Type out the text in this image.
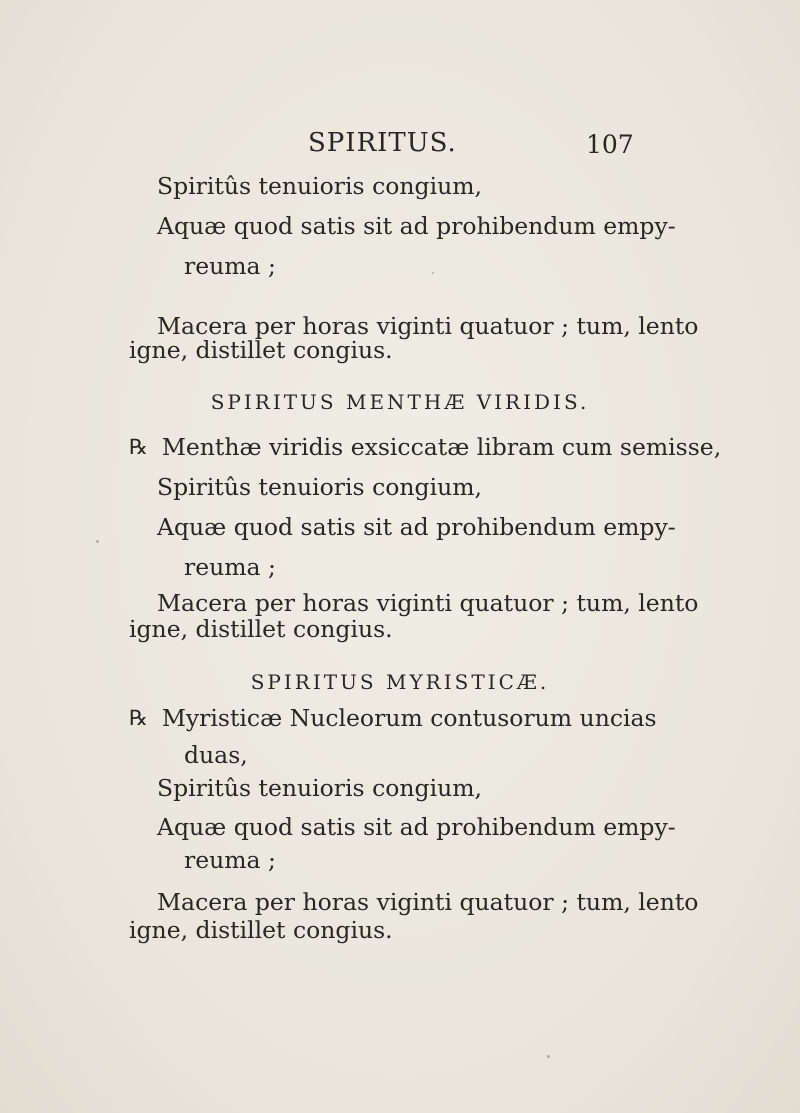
SPIRITUS.	107
Spiritûs tenuioris congium,
Aquæ quod satis sit ad prohibendum empy-
reuma ;
Macera per horas viginti quatuor ; tum, lento
igne, distillet congius.
SPIRITUS MENTHÆ VIRIDIS.
℞ Menthæ viridis exsiccatæ libram cum semisse,
Spiritûs tenuioris congium,
Aquæ quod satis sit ad prohibendum empy-
reuma ;
Macera per horas viginti quatuor ; tum, lento
igne, distillet congius.
SPIRITUS MYRISTICÆ.
℞ Myristicæ Nucleorum contusorum uncias
duas,
Spiritûs tenuioris congium,
Aquæ quod satis sit ad prohibendum empy-
reuma ;
Macera per horas viginti quatuor ; tum, lento
igne, distillet congius.
